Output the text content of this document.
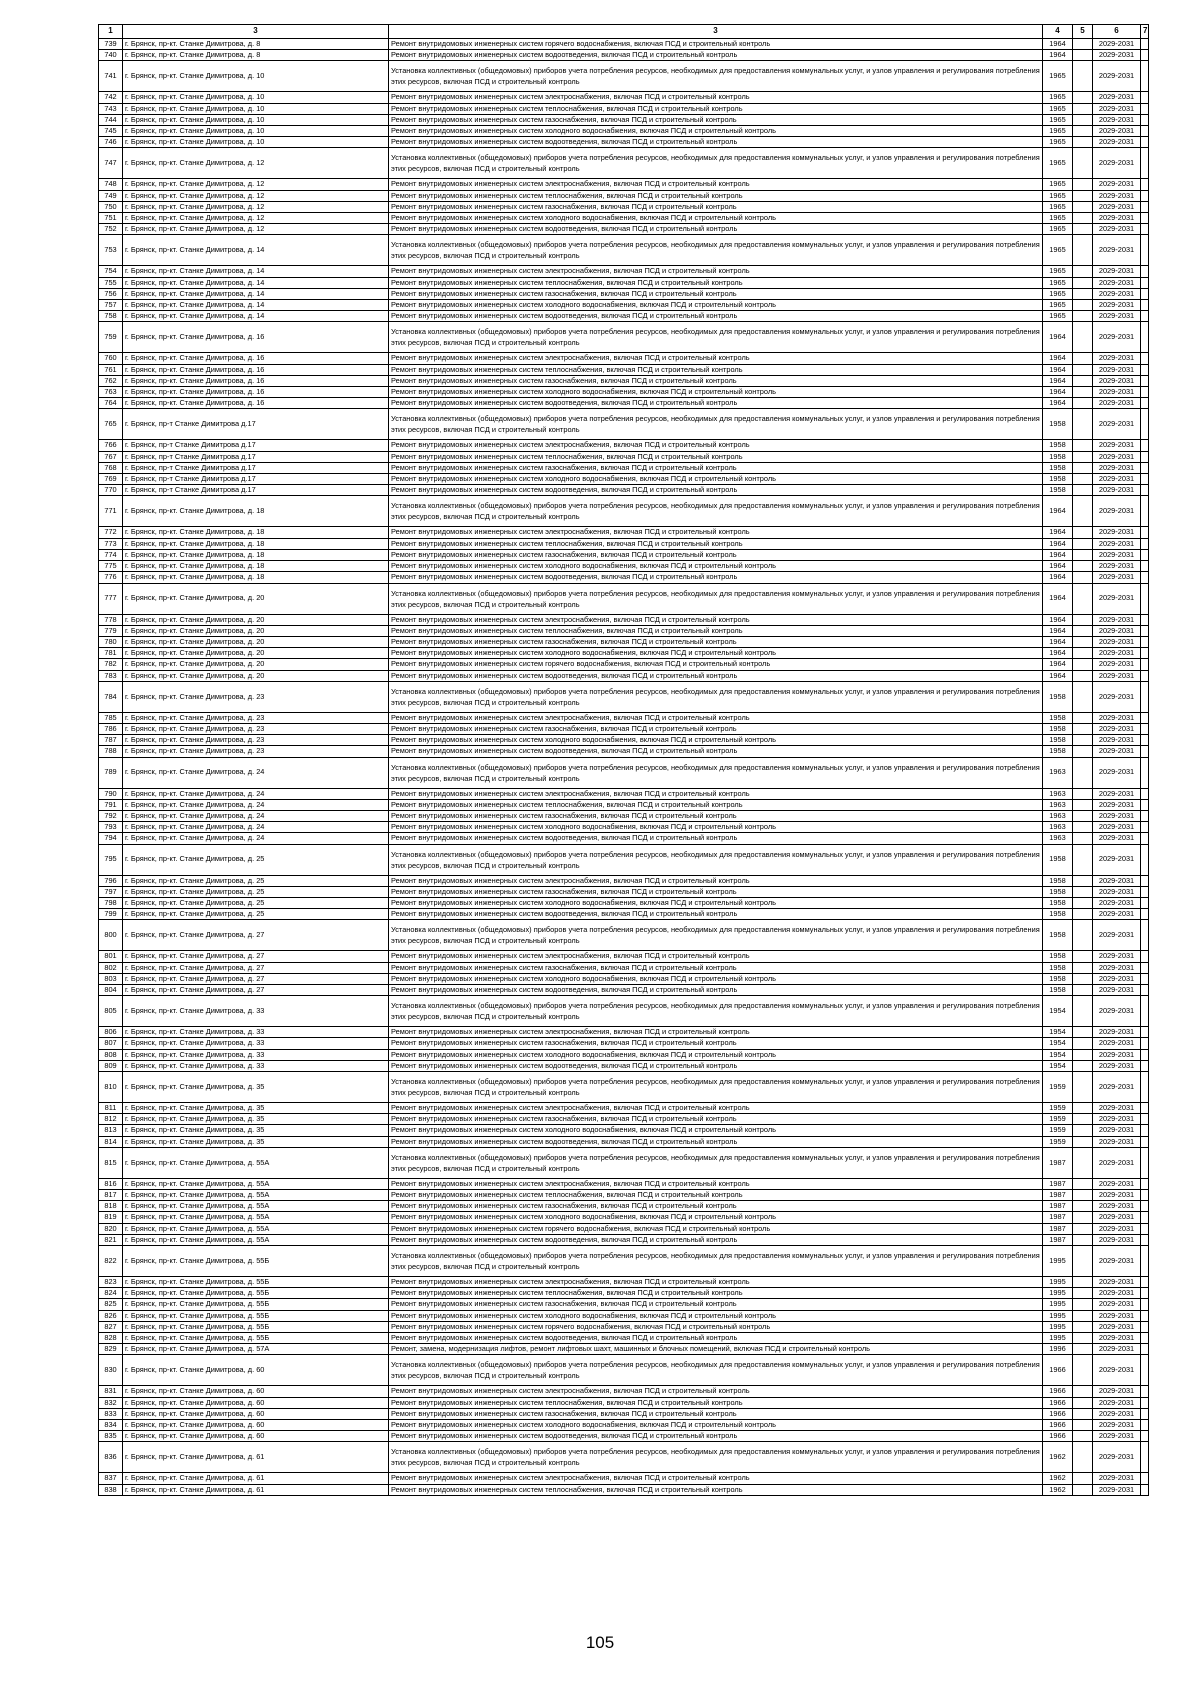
1	3	3	4	5	6	7
739	г. Брянск, пр-кт. Станке Димитрова, д. 8	Ремонт внутридомовых инженерных систем горячего водоснабжения, включая ПСД и строительный контроль	1964		2029-2031	
740	г. Брянск, пр-кт. Станке Димитрова, д. 8	Ремонт внутридомовых инженерных систем водоотведения, включая ПСД и строительный контроль	1964		2029-2031	
741	г. Брянск, пр-кт. Станке Димитрова, д. 10	Установка коллективных (общедомовых) приборов учета потребления ресурсов, необходимых для предоставления коммунальных услуг, и узлов управления и регулирования потребления этих ресурсов, включая ПСД и строительный контроль	1965		2029-2031	
742	г. Брянск, пр-кт. Станке Димитрова, д. 10	Ремонт внутридомовых инженерных систем электроснабжения, включая ПСД и строительный контроль	1965		2029-2031	
743	г. Брянск, пр-кт. Станке Димитрова, д. 10	Ремонт внутридомовых инженерных систем теплоснабжения, включая ПСД и строительный контроль	1965		2029-2031	
744	г. Брянск, пр-кт. Станке Димитрова, д. 10	Ремонт внутридомовых инженерных систем газоснабжения, включая ПСД и строительный контроль	1965		2029-2031	
745	г. Брянск, пр-кт. Станке Димитрова, д. 10	Ремонт внутридомовых инженерных систем холодного водоснабжения, включая ПСД и строительный контроль	1965		2029-2031	
746	г. Брянск, пр-кт. Станке Димитрова, д. 10	Ремонт внутридомовых инженерных систем водоотведения, включая ПСД и строительный контроль	1965		2029-2031	
747	г. Брянск, пр-кт. Станке Димитрова, д. 12	Установка коллективных (общедомовых) приборов учета потребления ресурсов, необходимых для предоставления коммунальных услуг, и узлов управления и регулирования потребления этих ресурсов, включая ПСД и строительный контроль	1965		2029-2031	
748	г. Брянск, пр-кт. Станке Димитрова, д. 12	Ремонт внутридомовых инженерных систем электроснабжения, включая ПСД и строительный контроль	1965		2029-2031	
749	г. Брянск, пр-кт. Станке Димитрова, д. 12	Ремонт внутридомовых инженерных систем теплоснабжения, включая ПСД и строительный контроль	1965		2029-2031	
750	г. Брянск, пр-кт. Станке Димитрова, д. 12	Ремонт внутридомовых инженерных систем газоснабжения, включая ПСД и строительный контроль	1965		2029-2031	
751	г. Брянск, пр-кт. Станке Димитрова, д. 12	Ремонт внутридомовых инженерных систем холодного водоснабжения, включая ПСД и строительный контроль	1965		2029-2031	
752	г. Брянск, пр-кт. Станке Димитрова, д. 12	Ремонт внутридомовых инженерных систем водоотведения, включая ПСД и строительный контроль	1965		2029-2031	
753	г. Брянск, пр-кт. Станке Димитрова, д. 14	Установка коллективных (общедомовых) приборов учета потребления ресурсов, необходимых для предоставления коммунальных услуг, и узлов управления и регулирования потребления этих ресурсов, включая ПСД и строительный контроль	1965		2029-2031	
754	г. Брянск, пр-кт. Станке Димитрова, д. 14	Ремонт внутридомовых инженерных систем электроснабжения, включая ПСД и строительный контроль	1965		2029-2031	
755	г. Брянск, пр-кт. Станке Димитрова, д. 14	Ремонт внутридомовых инженерных систем теплоснабжения, включая ПСД и строительный контроль	1965		2029-2031	
756	г. Брянск, пр-кт. Станке Димитрова, д. 14	Ремонт внутридомовых инженерных систем газоснабжения, включая ПСД и строительный контроль	1965		2029-2031	
757	г. Брянск, пр-кт. Станке Димитрова, д. 14	Ремонт внутридомовых инженерных систем холодного водоснабжения, включая ПСД и строительный контроль	1965		2029-2031	
758	г. Брянск, пр-кт. Станке Димитрова, д. 14	Ремонт внутридомовых инженерных систем водоотведения, включая ПСД и строительный контроль	1965		2029-2031	
759	г. Брянск, пр-кт. Станке Димитрова, д. 16	Установка коллективных (общедомовых) приборов учета потребления ресурсов, необходимых для предоставления коммунальных услуг, и узлов управления и регулирования потребления этих ресурсов, включая ПСД и строительный контроль	1964		2029-2031	
760	г. Брянск, пр-кт. Станке Димитрова, д. 16	Ремонт внутридомовых инженерных систем электроснабжения, включая ПСД и строительный контроль	1964		2029-2031	
761	г. Брянск, пр-кт. Станке Димитрова, д. 16	Ремонт внутридомовых инженерных систем теплоснабжения, включая ПСД и строительный контроль	1964		2029-2031	
762	г. Брянск, пр-кт. Станке Димитрова, д. 16	Ремонт внутридомовых инженерных систем газоснабжения, включая ПСД и строительный контроль	1964		2029-2031	
763	г. Брянск, пр-кт. Станке Димитрова, д. 16	Ремонт внутридомовых инженерных систем холодного водоснабжения, включая ПСД и строительный контроль	1964		2029-2031	
764	г. Брянск, пр-кт. Станке Димитрова, д. 16	Ремонт внутридомовых инженерных систем водоотведения, включая ПСД и строительный контроль	1964		2029-2031	
765	г. Брянск, пр-т Станке Димитрова д.17	Установка коллективных (общедомовых) приборов учета потребления ресурсов, необходимых для предоставления коммунальных услуг, и узлов управления и регулирования потребления этих ресурсов, включая ПСД и строительный контроль	1958		2029-2031	
766	г. Брянск, пр-т Станке Димитрова д.17	Ремонт внутридомовых инженерных систем электроснабжения, включая ПСД и строительный контроль	1958		2029-2031	
767	г. Брянск, пр-т Станке Димитрова д.17	Ремонт внутридомовых инженерных систем теплоснабжения, включая ПСД и строительный контроль	1958		2029-2031	
768	г. Брянск, пр-т Станке Димитрова д.17	Ремонт внутридомовых инженерных систем газоснабжения, включая ПСД и строительный контроль	1958		2029-2031	
769	г. Брянск, пр-т Станке Димитрова д.17	Ремонт внутридомовых инженерных систем холодного водоснабжения, включая ПСД и строительный контроль	1958		2029-2031	
770	г. Брянск, пр-т Станке Димитрова д.17	Ремонт внутридомовых инженерных систем водоотведения, включая ПСД и строительный контроль	1958		2029-2031	
771	г. Брянск, пр-кт. Станке Димитрова, д. 18	Установка коллективных (общедомовых) приборов учета потребления ресурсов, необходимых для предоставления коммунальных услуг, и узлов управления и регулирования потребления этих ресурсов, включая ПСД и строительный контроль	1964		2029-2031	
772	г. Брянск, пр-кт. Станке Димитрова, д. 18	Ремонт внутридомовых инженерных систем электроснабжения, включая ПСД и строительный контроль	1964		2029-2031	
773	г. Брянск, пр-кт. Станке Димитрова, д. 18	Ремонт внутридомовых инженерных систем теплоснабжения, включая ПСД и строительный контроль	1964		2029-2031	
774	г. Брянск, пр-кт. Станке Димитрова, д. 18	Ремонт внутридомовых инженерных систем газоснабжения, включая ПСД и строительный контроль	1964		2029-2031	
775	г. Брянск, пр-кт. Станке Димитрова, д. 18	Ремонт внутридомовых инженерных систем холодного водоснабжения, включая ПСД и строительный контроль	1964		2029-2031	
776	г. Брянск, пр-кт. Станке Димитрова, д. 18	Ремонт внутридомовых инженерных систем водоотведения, включая ПСД и строительный контроль	1964		2029-2031	
777	г. Брянск, пр-кт. Станке Димитрова, д. 20	Установка коллективных (общедомовых) приборов учета потребления ресурсов, необходимых для предоставления коммунальных услуг, и узлов управления и регулирования потребления этих ресурсов, включая ПСД и строительный контроль	1964		2029-2031	
778	г. Брянск, пр-кт. Станке Димитрова, д. 20	Ремонт внутридомовых инженерных систем электроснабжения, включая ПСД и строительный контроль	1964		2029-2031	
779	г. Брянск, пр-кт. Станке Димитрова, д. 20	Ремонт внутридомовых инженерных систем теплоснабжения, включая ПСД и строительный контроль	1964		2029-2031	
780	г. Брянск, пр-кт. Станке Димитрова, д. 20	Ремонт внутридомовых инженерных систем газоснабжения, включая ПСД и строительный контроль	1964		2029-2031	
781	г. Брянск, пр-кт. Станке Димитрова, д. 20	Ремонт внутридомовых инженерных систем холодного водоснабжения, включая ПСД и строительный контроль	1964		2029-2031	
782	г. Брянск, пр-кт. Станке Димитрова, д. 20	Ремонт внутридомовых инженерных систем горячего водоснабжения, включая ПСД и строительный контроль	1964		2029-2031	
783	г. Брянск, пр-кт. Станке Димитрова, д. 20	Ремонт внутридомовых инженерных систем водоотведения, включая ПСД и строительный контроль	1964		2029-2031	
784	г. Брянск, пр-кт. Станке Димитрова, д. 23	Установка коллективных (общедомовых) приборов учета потребления ресурсов, необходимых для предоставления коммунальных услуг, и узлов управления и регулирования потребления этих ресурсов, включая ПСД и строительный контроль	1958		2029-2031	
785	г. Брянск, пр-кт. Станке Димитрова, д. 23	Ремонт внутридомовых инженерных систем электроснабжения, включая ПСД и строительный контроль	1958		2029-2031	
786	г. Брянск, пр-кт. Станке Димитрова, д. 23	Ремонт внутридомовых инженерных систем газоснабжения, включая ПСД и строительный контроль	1958		2029-2031	
787	г. Брянск, пр-кт. Станке Димитрова, д. 23	Ремонт внутридомовых инженерных систем холодного водоснабжения, включая ПСД и строительный контроль	1958		2029-2031	
788	г. Брянск, пр-кт. Станке Димитрова, д. 23	Ремонт внутридомовых инженерных систем водоотведения, включая ПСД и строительный контроль	1958		2029-2031	
789	г. Брянск, пр-кт. Станке Димитрова, д. 24	Установка коллективных (общедомовых) приборов учета потребления ресурсов, необходимых для предоставления коммунальных услуг, и узлов управления и регулирования потребления этих ресурсов, включая ПСД и строительный контроль	1963		2029-2031	
790	г. Брянск, пр-кт. Станке Димитрова, д. 24	Ремонт внутридомовых инженерных систем электроснабжения, включая ПСД и строительный контроль	1963		2029-2031	
791	г. Брянск, пр-кт. Станке Димитрова, д. 24	Ремонт внутридомовых инженерных систем теплоснабжения, включая ПСД и строительный контроль	1963		2029-2031	
792	г. Брянск, пр-кт. Станке Димитрова, д. 24	Ремонт внутридомовых инженерных систем газоснабжения, включая ПСД и строительный контроль	1963		2029-2031	
793	г. Брянск, пр-кт. Станке Димитрова, д. 24	Ремонт внутридомовых инженерных систем холодного водоснабжения, включая ПСД и строительный контроль	1963		2029-2031	
794	г. Брянск, пр-кт. Станке Димитрова, д. 24	Ремонт внутридомовых инженерных систем водоотведения, включая ПСД и строительный контроль	1963		2029-2031	
795	г. Брянск, пр-кт. Станке Димитрова, д. 25	Установка коллективных (общедомовых) приборов учета потребления ресурсов, необходимых для предоставления коммунальных услуг, и узлов управления и регулирования потребления этих ресурсов, включая ПСД и строительный контроль	1958		2029-2031	
796	г. Брянск, пр-кт. Станке Димитрова, д. 25	Ремонт внутридомовых инженерных систем электроснабжения, включая ПСД и строительный контроль	1958		2029-2031	
797	г. Брянск, пр-кт. Станке Димитрова, д. 25	Ремонт внутридомовых инженерных систем газоснабжения, включая ПСД и строительный контроль	1958		2029-2031	
798	г. Брянск, пр-кт. Станке Димитрова, д. 25	Ремонт внутридомовых инженерных систем холодного водоснабжения, включая ПСД и строительный контроль	1958		2029-2031	
799	г. Брянск, пр-кт. Станке Димитрова, д. 25	Ремонт внутридомовых инженерных систем водоотведения, включая ПСД и строительный контроль	1958		2029-2031	
800	г. Брянск, пр-кт. Станке Димитрова, д. 27	Установка коллективных (общедомовых) приборов учета потребления ресурсов, необходимых для предоставления коммунальных услуг, и узлов управления и регулирования потребления этих ресурсов, включая ПСД и строительный контроль	1958		2029-2031	
801	г. Брянск, пр-кт. Станке Димитрова, д. 27	Ремонт внутридомовых инженерных систем электроснабжения, включая ПСД и строительный контроль	1958		2029-2031	
802	г. Брянск, пр-кт. Станке Димитрова, д. 27	Ремонт внутридомовых инженерных систем газоснабжения, включая ПСД и строительный контроль	1958		2029-2031	
803	г. Брянск, пр-кт. Станке Димитрова, д. 27	Ремонт внутридомовых инженерных систем холодного водоснабжения, включая ПСД и строительный контроль	1958		2029-2031	
804	г. Брянск, пр-кт. Станке Димитрова, д. 27	Ремонт внутридомовых инженерных систем водоотведения, включая ПСД и строительный контроль	1958		2029-2031	
805	г. Брянск, пр-кт. Станке Димитрова, д. 33	Установка коллективных (общедомовых) приборов учета потребления ресурсов, необходимых для предоставления коммунальных услуг, и узлов управления и регулирования потребления этих ресурсов, включая ПСД и строительный контроль	1954		2029-2031	
806	г. Брянск, пр-кт. Станке Димитрова, д. 33	Ремонт внутридомовых инженерных систем электроснабжения, включая ПСД и строительный контроль	1954		2029-2031	
807	г. Брянск, пр-кт. Станке Димитрова, д. 33	Ремонт внутридомовых инженерных систем газоснабжения, включая ПСД и строительный контроль	1954		2029-2031	
808	г. Брянск, пр-кт. Станке Димитрова, д. 33	Ремонт внутридомовых инженерных систем холодного водоснабжения, включая ПСД и строительный контроль	1954		2029-2031	
809	г. Брянск, пр-кт. Станке Димитрова, д. 33	Ремонт внутридомовых инженерных систем водоотведения, включая ПСД и строительный контроль	1954		2029-2031	
810	г. Брянск, пр-кт. Станке Димитрова, д. 35	Установка коллективных (общедомовых) приборов учета потребления ресурсов, необходимых для предоставления коммунальных услуг, и узлов управления и регулирования потребления этих ресурсов, включая ПСД и строительный контроль	1959		2029-2031	
811	г. Брянск, пр-кт. Станке Димитрова, д. 35	Ремонт внутридомовых инженерных систем электроснабжения, включая ПСД и строительный контроль	1959		2029-2031	
812	г. Брянск, пр-кт. Станке Димитрова, д. 35	Ремонт внутридомовых инженерных систем газоснабжения, включая ПСД и строительный контроль	1959		2029-2031	
813	г. Брянск, пр-кт. Станке Димитрова, д. 35	Ремонт внутридомовых инженерных систем холодного водоснабжения, включая ПСД и строительный контроль	1959		2029-2031	
814	г. Брянск, пр-кт. Станке Димитрова, д. 35	Ремонт внутридомовых инженерных систем водоотведения, включая ПСД и строительный контроль	1959		2029-2031	
815	г. Брянск, пр-кт. Станке Димитрова, д. 55А	Установка коллективных (общедомовых) приборов учета потребления ресурсов, необходимых для предоставления коммунальных услуг, и узлов управления и регулирования потребления этих ресурсов, включая ПСД и строительный контроль	1987		2029-2031	
816	г. Брянск, пр-кт. Станке Димитрова, д. 55А	Ремонт внутридомовых инженерных систем электроснабжения, включая ПСД и строительный контроль	1987		2029-2031	
817	г. Брянск, пр-кт. Станке Димитрова, д. 55А	Ремонт внутридомовых инженерных систем теплоснабжения, включая ПСД и строительный контроль	1987		2029-2031	
818	г. Брянск, пр-кт. Станке Димитрова, д. 55А	Ремонт внутридомовых инженерных систем газоснабжения, включая ПСД и строительный контроль	1987		2029-2031	
819	г. Брянск, пр-кт. Станке Димитрова, д. 55А	Ремонт внутридомовых инженерных систем холодного водоснабжения, включая ПСД и строительный контроль	1987		2029-2031	
820	г. Брянск, пр-кт. Станке Димитрова, д. 55А	Ремонт внутридомовых инженерных систем горячего водоснабжения, включая ПСД и строительный контроль	1987		2029-2031	
821	г. Брянск, пр-кт. Станке Димитрова, д. 55А	Ремонт внутридомовых инженерных систем водоотведения, включая ПСД и строительный контроль	1987		2029-2031	
822	г. Брянск, пр-кт. Станке Димитрова, д. 55Б	Установка коллективных (общедомовых) приборов учета потребления ресурсов, необходимых для предоставления коммунальных услуг, и узлов управления и регулирования потребления этих ресурсов, включая ПСД и строительный контроль	1995		2029-2031	
823	г. Брянск, пр-кт. Станке Димитрова, д. 55Б	Ремонт внутридомовых инженерных систем электроснабжения, включая ПСД и строительный контроль	1995		2029-2031	
824	г. Брянск, пр-кт. Станке Димитрова, д. 55Б	Ремонт внутридомовых инженерных систем теплоснабжения, включая ПСД и строительный контроль	1995		2029-2031	
825	г. Брянск, пр-кт. Станке Димитрова, д. 55Б	Ремонт внутридомовых инженерных систем газоснабжения, включая ПСД и строительный контроль	1995		2029-2031	
826	г. Брянск, пр-кт. Станке Димитрова, д. 55Б	Ремонт внутридомовых инженерных систем холодного водоснабжения, включая ПСД и строительный контроль	1995		2029-2031	
827	г. Брянск, пр-кт. Станке Димитрова, д. 55Б	Ремонт внутридомовых инженерных систем горячего водоснабжения, включая ПСД и строительный контроль	1995		2029-2031	
828	г. Брянск, пр-кт. Станке Димитрова, д. 55Б	Ремонт внутридомовых инженерных систем водоотведения, включая ПСД и строительный контроль	1995		2029-2031	
829	г. Брянск, пр-кт. Станке Димитрова, д. 57А	Ремонт, замена, модернизация лифтов, ремонт лифтовых шахт, машинных и блочных помещений, включая ПСД и строительный контроль	1996		2029-2031	
830	г. Брянск, пр-кт. Станке Димитрова, д. 60	Установка коллективных (общедомовых) приборов учета потребления ресурсов, необходимых для предоставления коммунальных услуг, и узлов управления и регулирования потребления этих ресурсов, включая ПСД и строительный контроль	1966		2029-2031	
831	г. Брянск, пр-кт. Станке Димитрова, д. 60	Ремонт внутридомовых инженерных систем электроснабжения, включая ПСД и строительный контроль	1966		2029-2031	
832	г. Брянск, пр-кт. Станке Димитрова, д. 60	Ремонт внутридомовых инженерных систем теплоснабжения, включая ПСД и строительный контроль	1966		2029-2031	
833	г. Брянск, пр-кт. Станке Димитрова, д. 60	Ремонт внутридомовых инженерных систем газоснабжения, включая ПСД и строительный контроль	1966		2029-2031	
834	г. Брянск, пр-кт. Станке Димитрова, д. 60	Ремонт внутридомовых инженерных систем холодного водоснабжения, включая ПСД и строительный контроль	1966		2029-2031	
835	г. Брянск, пр-кт. Станке Димитрова, д. 60	Ремонт внутридомовых инженерных систем водоотведения, включая ПСД и строительный контроль	1966		2029-2031	
836	г. Брянск, пр-кт. Станке Димитрова, д. 61	Установка коллективных (общедомовых) приборов учета потребления ресурсов, необходимых для предоставления коммунальных услуг, и узлов управления и регулирования потребления этих ресурсов, включая ПСД и строительный контроль	1962		2029-2031	
837	г. Брянск, пр-кт. Станке Димитрова, д. 61	Ремонт внутридомовых инженерных систем электроснабжения, включая ПСД и строительный контроль	1962		2029-2031	
838	г. Брянск, пр-кт. Станке Димитрова, д. 61	Ремонт внутридомовых инженерных систем теплоснабжения, включая ПСД и строительный контроль	1962		2029-2031	
105
